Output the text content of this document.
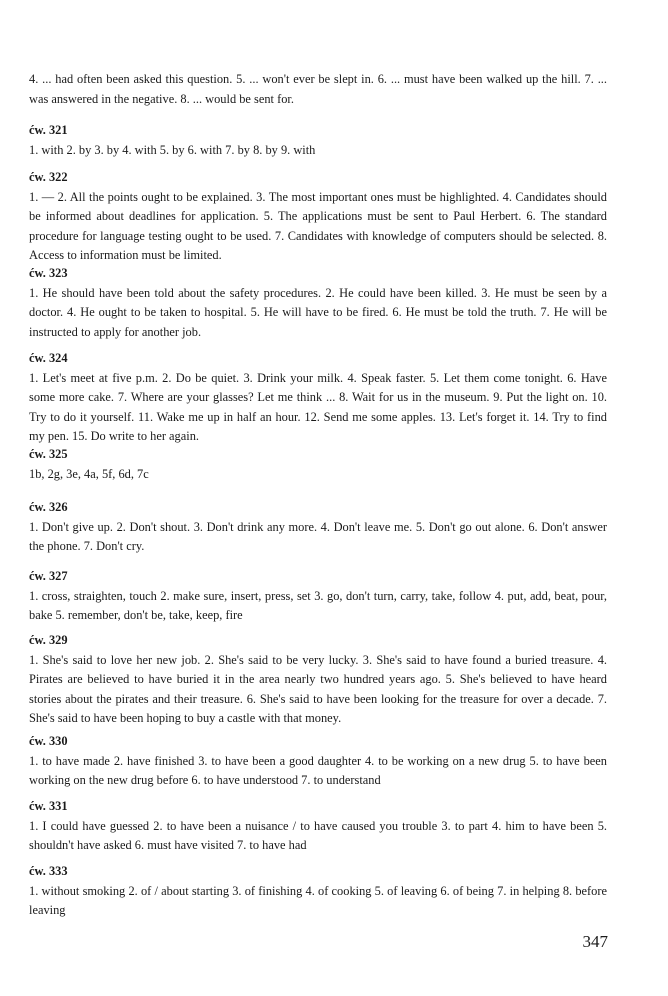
4. ... had often been asked this question. 5. ... won't ever be slept in. 6. ... must have been walked up the hill. 7. ... was answered in the negative. 8. ... would be sent for.

ćw. 321

1. with 2. by 3. by 4. with 5. by 6. with 7. by 8. by 9. with

ćw. 322

1. — 2. All the points ought to be explained. 3. The most important ones must be highlighted. 4. Candidates should be informed about deadlines for application. 5. The applications must be sent to Paul Herbert. 6. The standard procedure for language testing ought to be used. 7. Candidates with knowledge of computers should be selected. 8. Access to information must be limited.

ćw. 323

1. He should have been told about the safety procedures. 2. He could have been killed. 3. He must be seen by a doctor. 4. He ought to be taken to hospital. 5. He will have to be fired. 6. He must be told the truth. 7. He will be instructed to apply for another job.

ćw. 324

1. Let's meet at five p.m. 2. Do be quiet. 3. Drink your milk. 4. Speak faster. 5. Let them come tonight. 6. Have some more cake. 7. Where are your glasses? Let me think ... 8. Wait for us in the museum. 9. Put the light on. 10. Try to do it yourself. 11. Wake me up in half an hour. 12. Send me some apples. 13. Let's forget it. 14. Try to find my pen. 15. Do write to her again.

ćw. 325

1b, 2g, 3e, 4a, 5f, 6d, 7c

ćw. 326

1. Don't give up. 2. Don't shout. 3. Don't drink any more. 4. Don't leave me. 5. Don't go out alone. 6. Don't answer the phone. 7. Don't cry.

ćw. 327

1. cross, straighten, touch 2. make sure, insert, press, set 3. go, don't turn, carry, take, follow 4. put, add, beat, pour, bake 5. remember, don't be, take, keep, fire

ćw. 329

1. She's said to love her new job. 2. She's said to be very lucky. 3. She's said to have found a buried treasure. 4. Pirates are believed to have buried it in the area nearly two hundred years ago. 5. She's believed to have heard stories about the pirates and their treasure. 6. She's said to have been looking for the treasure for over a decade. 7. She's said to have been hoping to buy a castle with that money.

ćw. 330

1. to have made 2. have finished 3. to have been a good daughter 4. to be working on a new drug 5. to have been working on the new drug before 6. to have understood 7. to understand

ćw. 331

1. I could have guessed 2. to have been a nuisance / to have caused you trouble 3. to part 4. him to have been 5. shouldn't have asked 6. must have visited 7. to have had

ćw. 333

1. without smoking 2. of / about starting 3. of finishing 4. of cooking 5. of leaving 6. of being 7. in helping 8. before leaving

347
